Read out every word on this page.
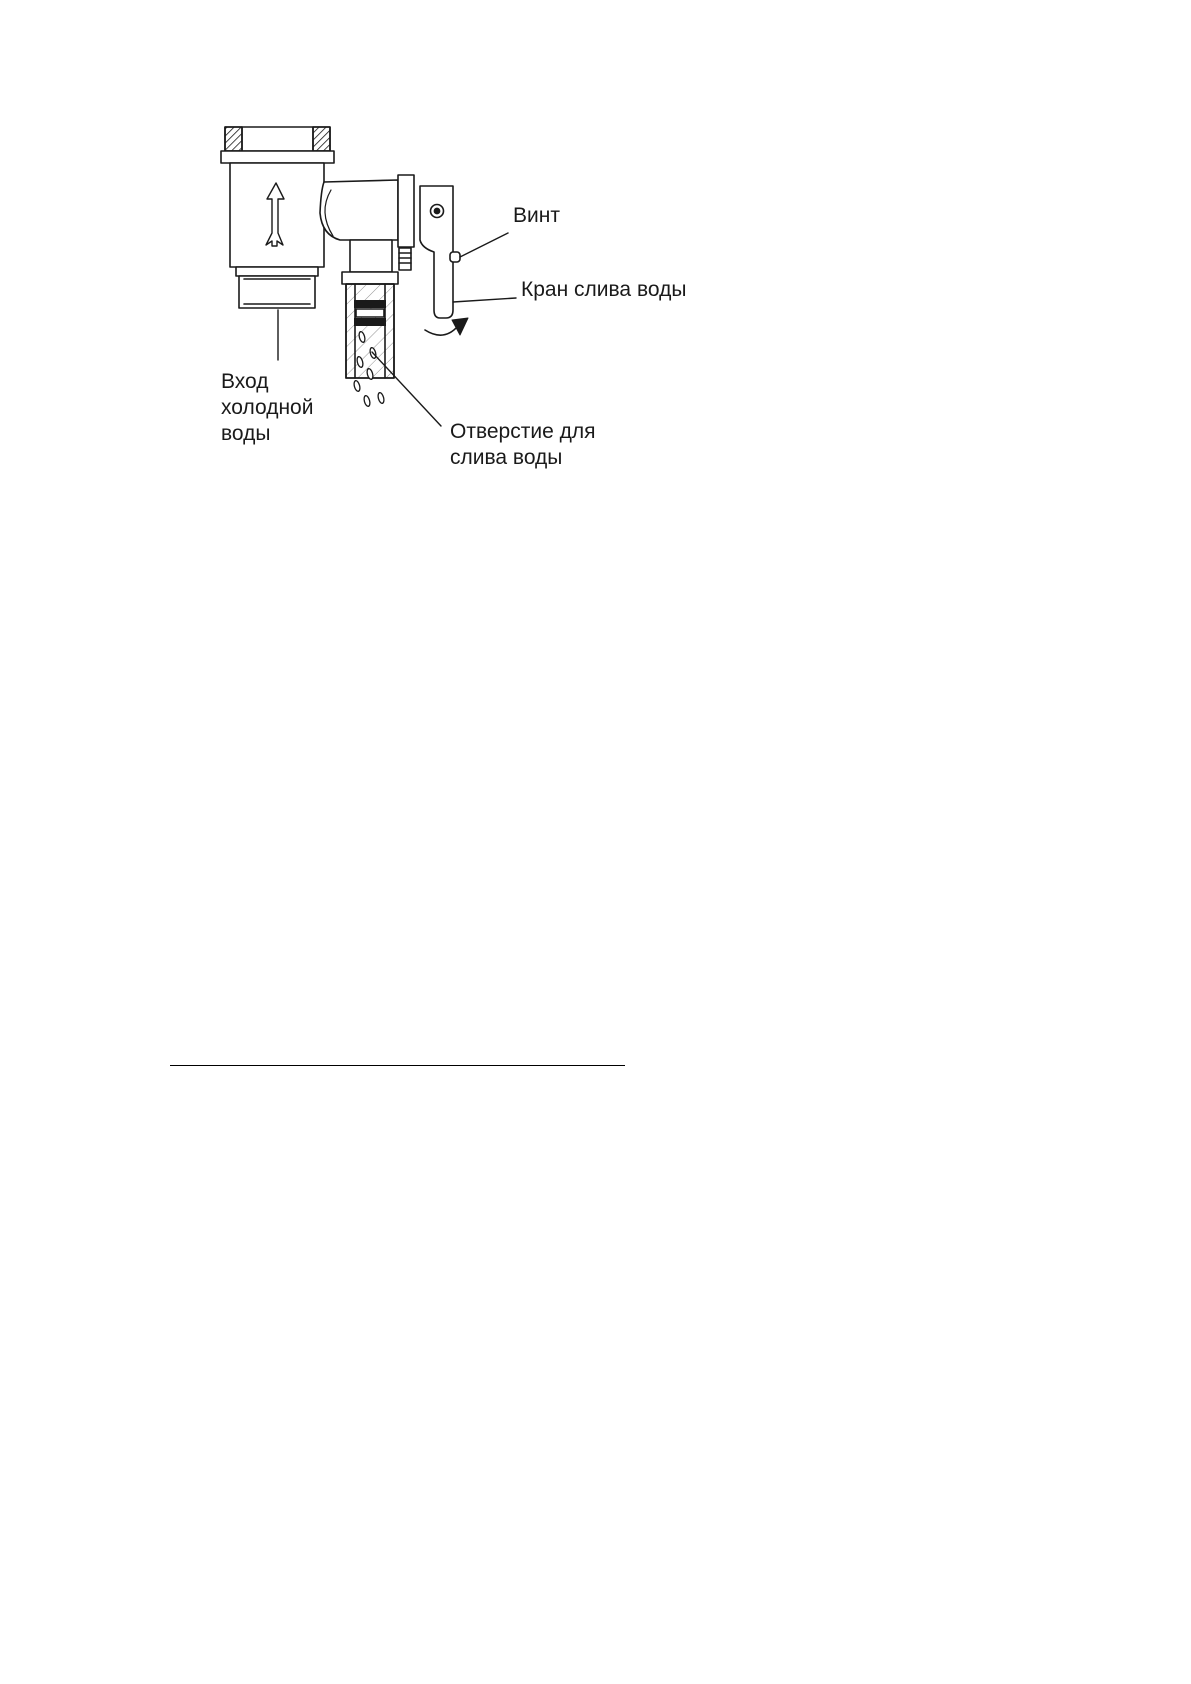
Винт
Кран слива воды
Вход
холодной
воды	Отверстие для
слива воды
